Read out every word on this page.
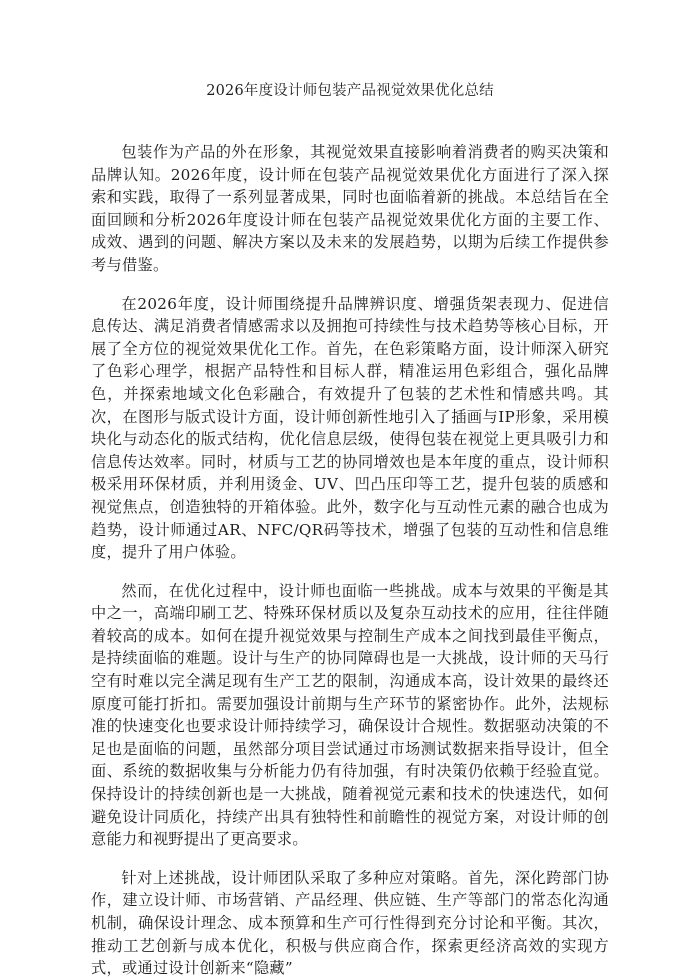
2026年度设计师包装产品视觉效果优化总结

包装作为产品的外在形象，其视觉效果直接影响着消费者的购买决策和品牌认知。2026年度，设计师在包装产品视觉效果优化方面进行了深入探索和实践，取得了一系列显著成果，同时也面临着新的挑战。本总结旨在全面回顾和分析2026年度设计师在包装产品视觉效果优化方面的主要工作、成效、遇到的问题、解决方案以及未来的发展趋势，以期为后续工作提供参考与借鉴。

在2026年度，设计师围绕提升品牌辨识度、增强货架表现力、促进信息传达、满足消费者情感需求以及拥抱可持续性与技术趋势等核心目标，开展了全方位的视觉效果优化工作。首先，在色彩策略方面，设计师深入研究了色彩心理学，根据产品特性和目标人群，精准运用色彩组合，强化品牌色，并探索地域文化色彩融合，有效提升了包装的艺术性和情感共鸣。其次，在图形与版式设计方面，设计师创新性地引入了插画与IP形象，采用模块化与动态化的版式结构，优化信息层级，使得包装在视觉上更具吸引力和信息传达效率。同时，材质与工艺的协同增效也是本年度的重点，设计师积极采用环保材质，并利用烫金、UV、凹凸压印等工艺，提升包装的质感和视觉焦点，创造独特的开箱体验。此外，数字化与互动性元素的融合也成为趋势，设计师通过AR、NFC/QR码等技术，增强了包装的互动性和信息维度，提升了用户体验。

然而，在优化过程中，设计师也面临一些挑战。成本与效果的平衡是其中之一，高端印刷工艺、特殊环保材质以及复杂互动技术的应用，往往伴随着较高的成本。如何在提升视觉效果与控制生产成本之间找到最佳平衡点，是持续面临的难题。设计与生产的协同障碍也是一大挑战，设计师的天马行空有时难以完全满足现有生产工艺的限制，沟通成本高，设计效果的最终还原度可能打折扣。需要加强设计前期与生产环节的紧密协作。此外，法规标准的快速变化也要求设计师持续学习，确保设计合规性。数据驱动决策的不足也是面临的问题，虽然部分项目尝试通过市场测试数据来指导设计，但全面、系统的数据收集与分析能力仍有待加强，有时决策仍依赖于经验直觉。保持设计的持续创新也是一大挑战，随着视觉元素和技术的快速迭代，如何避免设计同质化，持续产出具有独特性和前瞻性的视觉方案，对设计师的创意能力和视野提出了更高要求。

针对上述挑战，设计师团队采取了多种应对策略。首先，深化跨部门协作，建立设计师、市场营销、产品经理、供应链、生产等部门的常态化沟通机制，确保设计理念、成本预算和生产可行性得到充分讨论和平衡。其次，推动工艺创新与成本优化，积极与供应商合作，探索更经济高效的实现方式，或通过设计创新来“隐藏”
